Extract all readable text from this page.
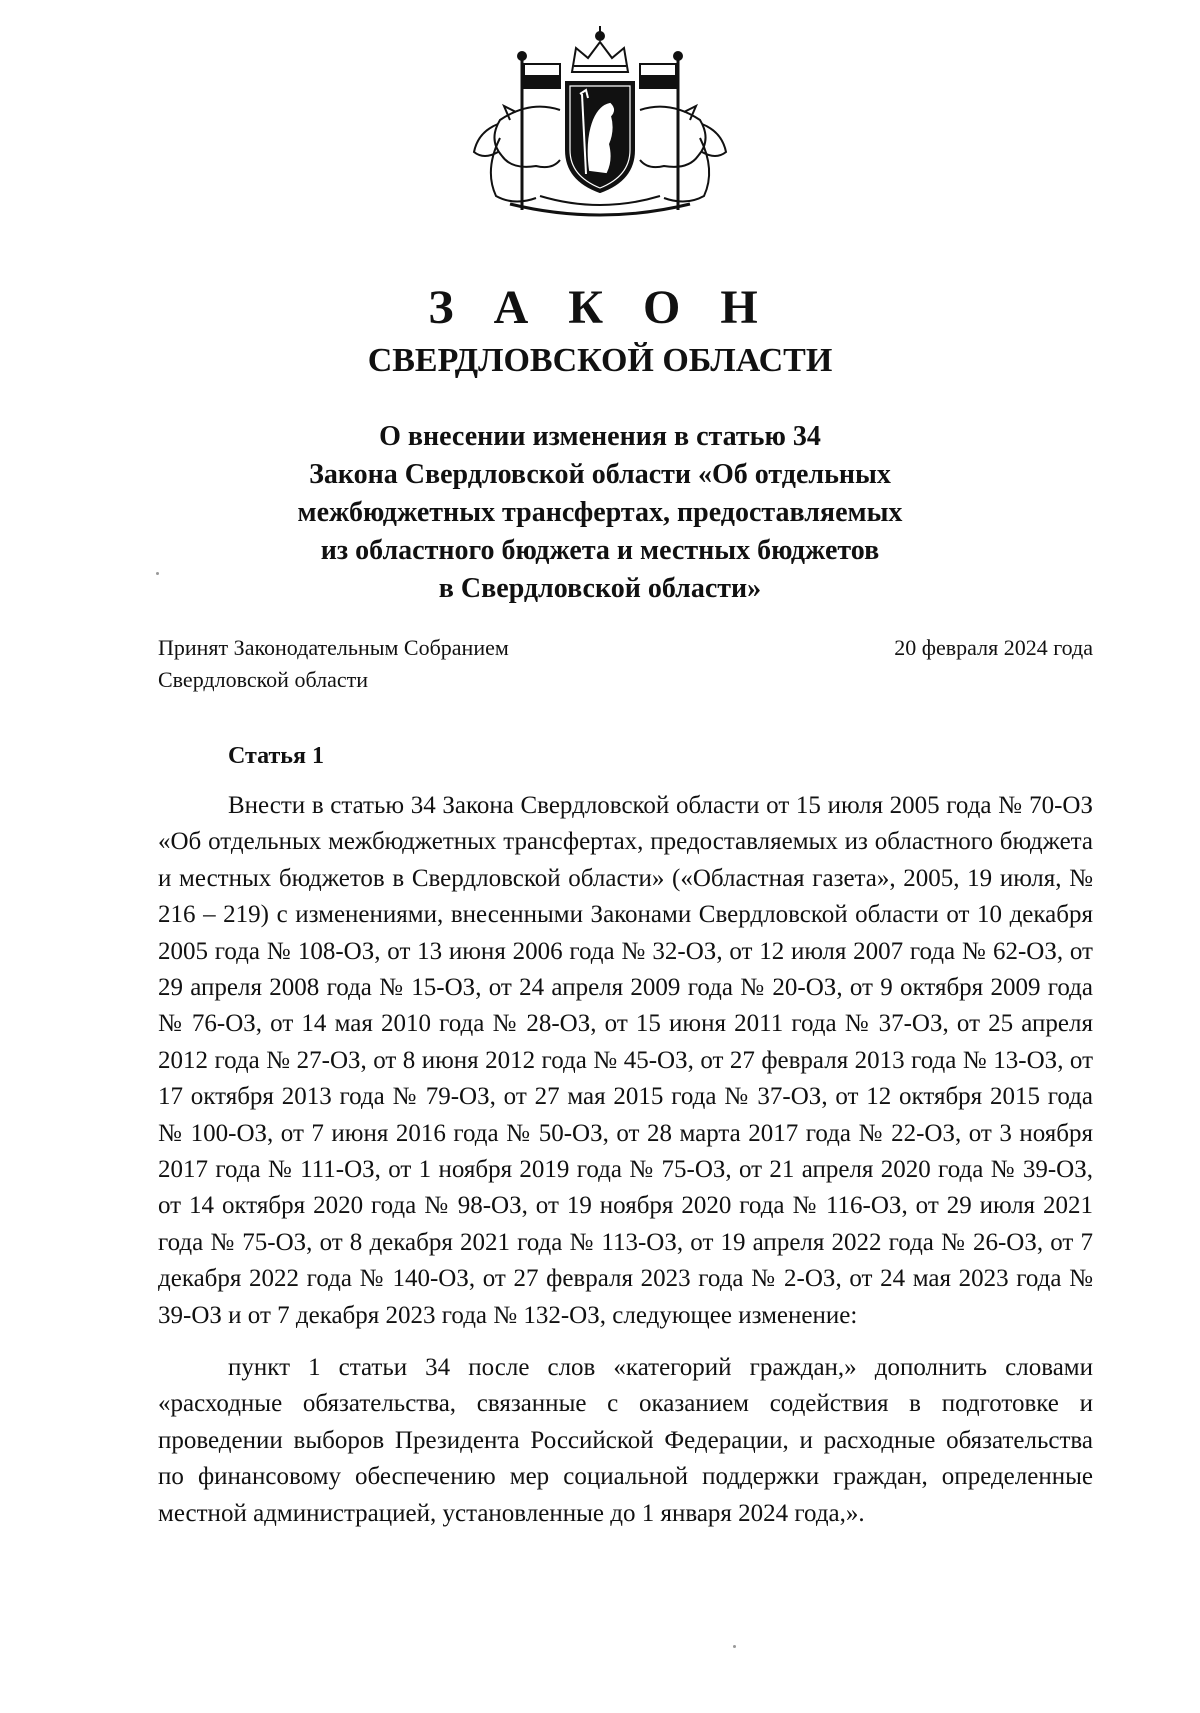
З А К О Н
СВЕРДЛОВСКОЙ ОБЛАСТИ
О внесении изменения в статью 34
Закона Свердловской области «Об отдельных
межбюджетных трансфертах, предоставляемых
из областного бюджета и местных бюджетов
в Свердловской области»
Принят Законодательным Собранием
Свердловской области
20 февраля 2024 года
Статья 1

Внести в статью 34 Закона Свердловской области от 15 июля 2005 года № 70-ОЗ «Об отдельных межбюджетных трансфертах, предоставляемых из областного бюджета и местных бюджетов в Свердловской области» («Областная газета», 2005, 19 июля, № 216 – 219) с изменениями, внесенными Законами Свердловской области от 10 декабря 2005 года № 108-ОЗ, от 13 июня 2006 года № 32-ОЗ, от 12 июля 2007 года № 62-ОЗ, от 29 апреля 2008 года № 15-ОЗ, от 24 апреля 2009 года № 20-ОЗ, от 9 октября 2009 года № 76-ОЗ, от 14 мая 2010 года № 28-ОЗ, от 15 июня 2011 года № 37-ОЗ, от 25 апреля 2012 года № 27-ОЗ, от 8 июня 2012 года № 45-ОЗ, от 27 февраля 2013 года № 13-ОЗ, от 17 октября 2013 года № 79-ОЗ, от 27 мая 2015 года № 37-ОЗ, от 12 октября 2015 года № 100-ОЗ, от 7 июня 2016 года № 50-ОЗ, от 28 марта 2017 года № 22-ОЗ, от 3 ноября 2017 года № 111-ОЗ, от 1 ноября 2019 года № 75-ОЗ, от 21 апреля 2020 года № 39-ОЗ, от 14 октября 2020 года № 98-ОЗ, от 19 ноября 2020 года № 116-ОЗ, от 29 июля 2021 года № 75-ОЗ, от 8 декабря 2021 года № 113-ОЗ, от 19 апреля 2022 года № 26-ОЗ, от 7 декабря 2022 года № 140-ОЗ, от 27 февраля 2023 года № 2-ОЗ, от 24 мая 2023 года № 39-ОЗ и от 7 декабря 2023 года № 132-ОЗ, следующее изменение:

пункт 1 статьи 34 после слов «категорий граждан,» дополнить словами «расходные обязательства, связанные с оказанием содействия в подготовке и проведении выборов Президента Российской Федерации, и расходные обязательства по финансовому обеспечению мер социальной поддержки граждан, определенные местной администрацией, установленные до 1 января 2024 года,».
